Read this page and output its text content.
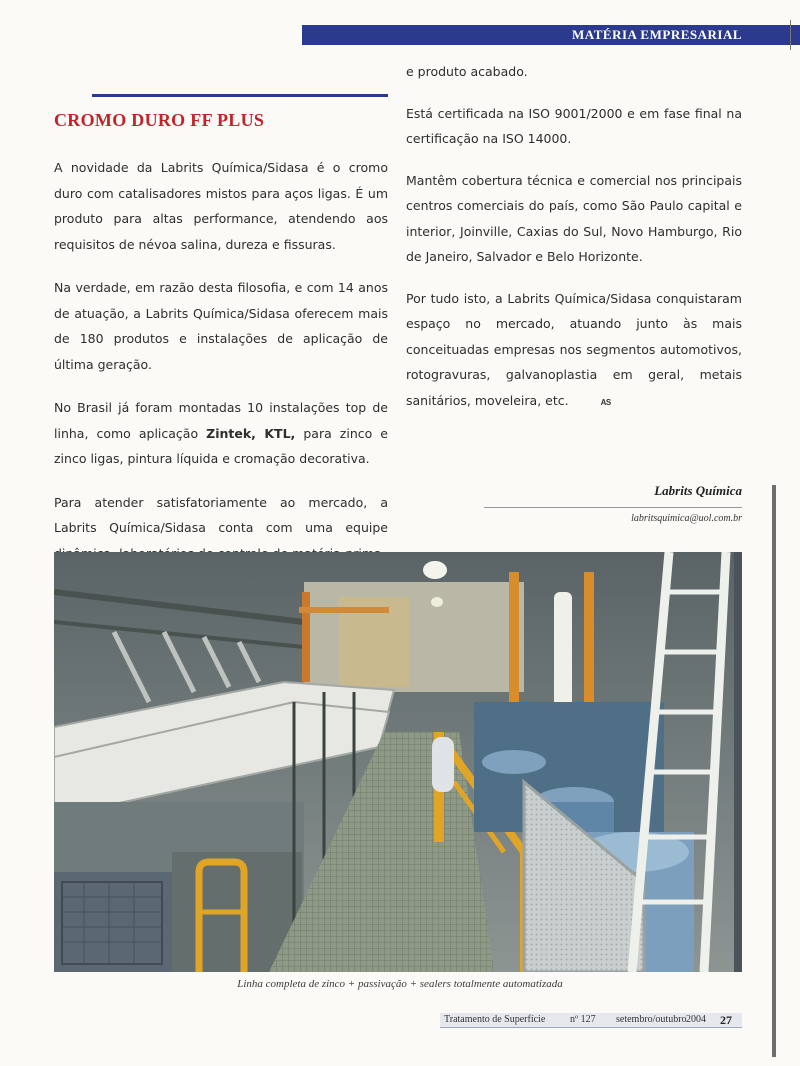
MATÉRIA EMPRESARIAL
CROMO DURO FF PLUS

A novidade da Labrits Química/Sidasa é o cromo duro com catalisadores mistos para aços ligas. É um produto para altas performance, atendendo aos requisitos de névoa salina, dureza e fissuras.

Na verdade, em razão desta filosofia, e com 14 anos de atuação, a Labrits Química/Sidasa oferecem mais de 180 produtos e instalações de aplicação de última geração.

No Brasil já foram montadas 10 instalações top de linha, como aplicação Zintek, KTL, para zinco e zinco ligas, pintura líquida e cromação decorativa.

Para atender satisfatoriamente ao mercado, a Labrits Química/Sidasa conta com uma equipe

e produto acabado.

Está certificada na ISO 9001/2000 e em fase final na certificação na ISO 14000.

Mantêm cobertura técnica e comercial nos principais centros comerciais do país, como São Paulo capital e interior, Joinville, Caxias do Sul, Novo Hamburgo, Rio de Janeiro, Salvador e Belo Horizonte.

Por tudo isto, a Labrits Química/Sidasa conquistaram espaço no mercado, atuando junto às mais conceituadas empresas nos segmentos automotivos, rotogravuras, galvanoplastia em geral, metais sanitários, moveleira, etc.	AS

Labrits Química
labritsquimica@uol.com.br
Linha completa de zinco + passivação + sealers totalmente automatizada
Tratamento de Superfície nº 127 setembro/outubro 2004 27
